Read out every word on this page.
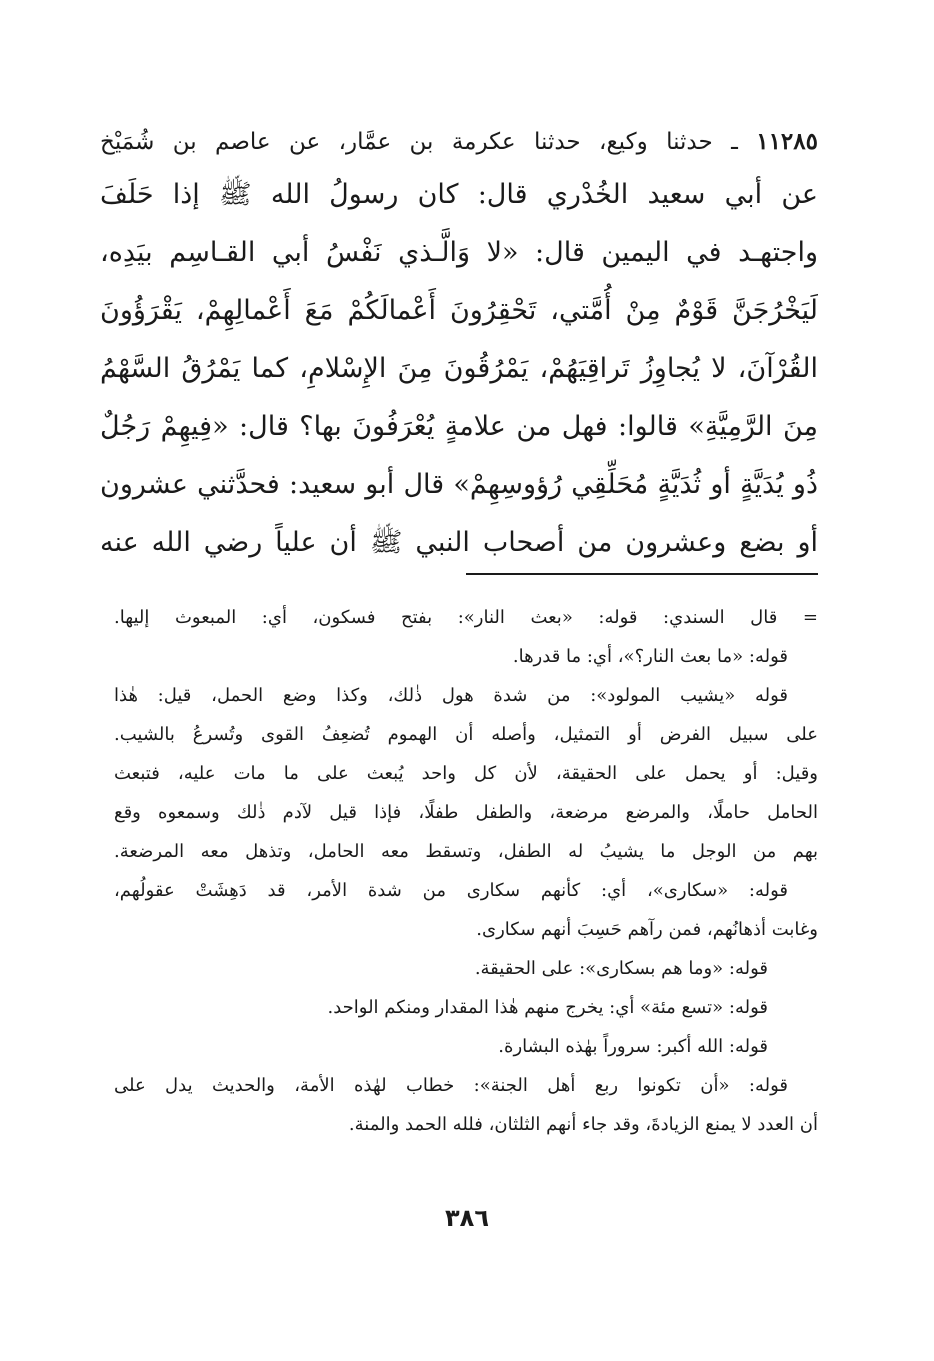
١١٢٨٥ ـ حدثنا وكيع، حدثنا عكرمة بن عمَّار، عن عاصم بن شُمَيْخ
عن أبي سعيد الخُدْري قال: كان رسولُ الله ﷺ إذا حَلَفَ
واجتهـد في اليمين قال: «لا وَالَّـذي نَفْسُ أبي القـاسِم بيَدِه،
لَيَخْرُجَنَّ قَوْمٌ مِنْ أُمَّتي، تَحْقِرُونَ أَعْمالَكُمْ مَعَ أَعْمالِهِمْ، يَقْرَؤُونَ
القُرْآنَ، لا يُجاوِزُ تَراقِيَهُمْ، يَمْرُقُونَ مِنَ الإِسْلامِ، كما يَمْرُقُ السَّهْمُ
مِنَ الرَّمِيَّةِ» قالوا: فهل من علامةٍ يُعْرَفُونَ بها؟ قال: «فِيهِمْ رَجُلٌ
ذُو يُدَيَّةٍ أو ثُدَيَّةٍ مُحَلِّقِي رُؤوسِهِمْ» قال أبو سعيد: فحدَّثني عشرون
أو بضع وعشرون من أصحاب النبي ﷺ أن علياً رضي الله عنه
= قال السندي: قوله: «بعث النار»: بفتح فسكون، أي: المبعوث إليها.
قوله: «ما بعث النار؟»، أي: ما قدرها.
قوله «يشيب المولود»: من شدة هول ذٰلك، وكذا وضع الحمل، قيل: هٰذا
على سبيل الفرض أو التمثيل، وأصله أن الهموم تُضعِفُ القوى وتُسرعُ بالشيب.
وقيل: أو يحمل على الحقيقة، لأن كل واحد يُبعث على ما مات عليه، فتبعث
الحامل حاملًا، والمرضع مرضعة، والطفل طفلًا، فإذا قيل لآدم ذٰلك وسمعوه وقع
بهم من الوجل ما يشيبُ له الطفل، وتسقط معه الحامل، وتذهل معه المرضعة.
قوله: «سكارى»، أي: كأنهم سكارى من شدة الأمر، قد دَهِشَتْ عقولُهم،
وغابت أذهانُهم، فمن رآهم حَسِبَ أنهم سكارى.
قوله: «وما هم بسكارى»: على الحقيقة.
قوله: «تسع مئة» أي: يخرج منهم هٰذا المقدار ومنكم الواحد.
قوله: الله أكبر: سروراً بهٰذه البشارة.
قوله: «أن تكونوا ربع أهل الجنة»: خطاب لهٰذه الأمة، والحديث يدل على
أن العدد لا يمنع الزيادةَ، وقد جاء أنهم الثلثان، فلله الحمد والمنة.
٣٨٦
